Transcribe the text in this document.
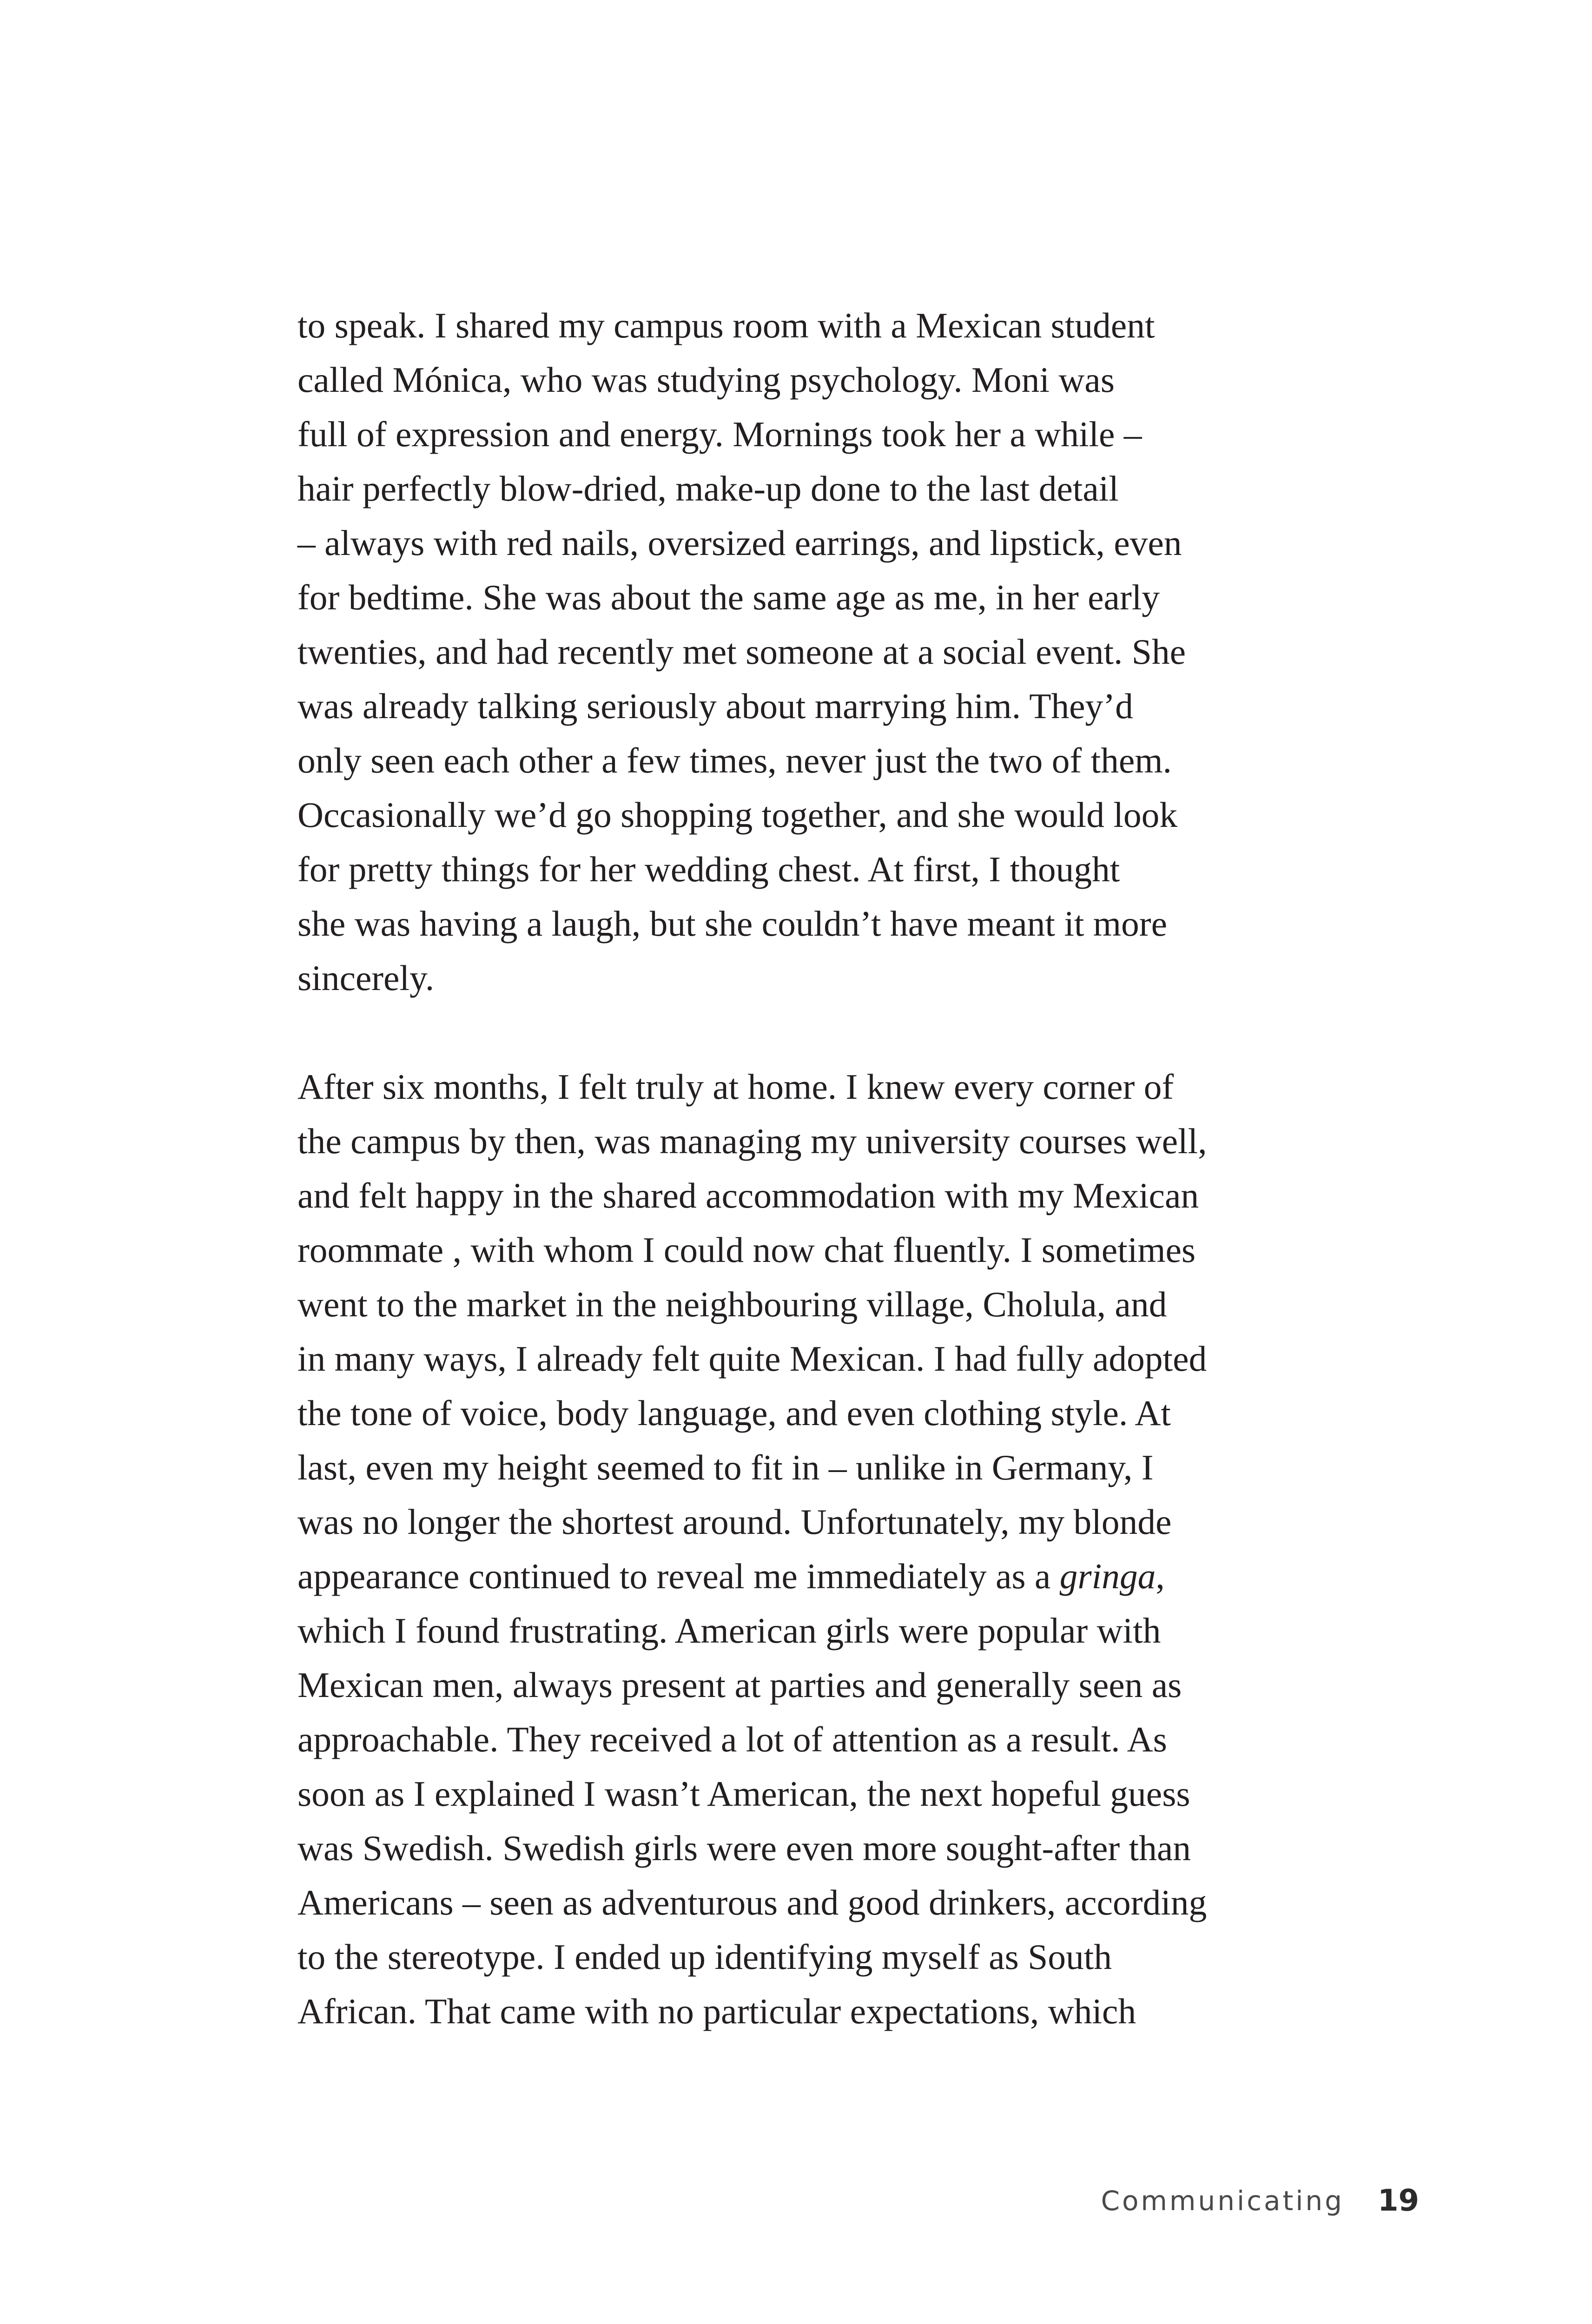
to speak. I shared my campus room with a Mexican student
called Mónica, who was studying psychology. Moni was
full of expression and energy. Mornings took her a while –
hair perfectly blow-dried, make-up done to the last detail
– always with red nails, oversized earrings, and lipstick, even
for bedtime. She was about the same age as me, in her early
twenties, and had recently met someone at a social event. She
was already talking seriously about marrying him. They’d
only seen each other a few times, never just the two of them.
Occasionally we’d go shopping together, and she would look
for pretty things for her wedding chest. At first, I thought
she was having a laugh, but she couldn’t have meant it more
sincerely.

After six months, I felt truly at home. I knew every corner of
the campus by then, was managing my university courses well,
and felt happy in the shared accommodation with my Mexican
roommate , with whom I could now chat fluently. I sometimes
went to the market in the neighbouring village, Cholula, and
in many ways, I already felt quite Mexican. I had fully adopted
the tone of voice, body language, and even clothing style. At
last, even my height seemed to fit in – unlike in Germany, I
was no longer the shortest around. Unfortunately, my blonde
appearance continued to reveal me immediately as a gringa,
which I found frustrating. American girls were popular with
Mexican men, always present at parties and generally seen as
approachable. They received a lot of attention as a result. As
soon as I explained I wasn’t American, the next hopeful guess
was Swedish. Swedish girls were even more sought-after than
Americans – seen as adventurous and good drinkers, according
to the stereotype. I ended up identifying myself as South
African. That came with no particular expectations, which

Communicating 19
